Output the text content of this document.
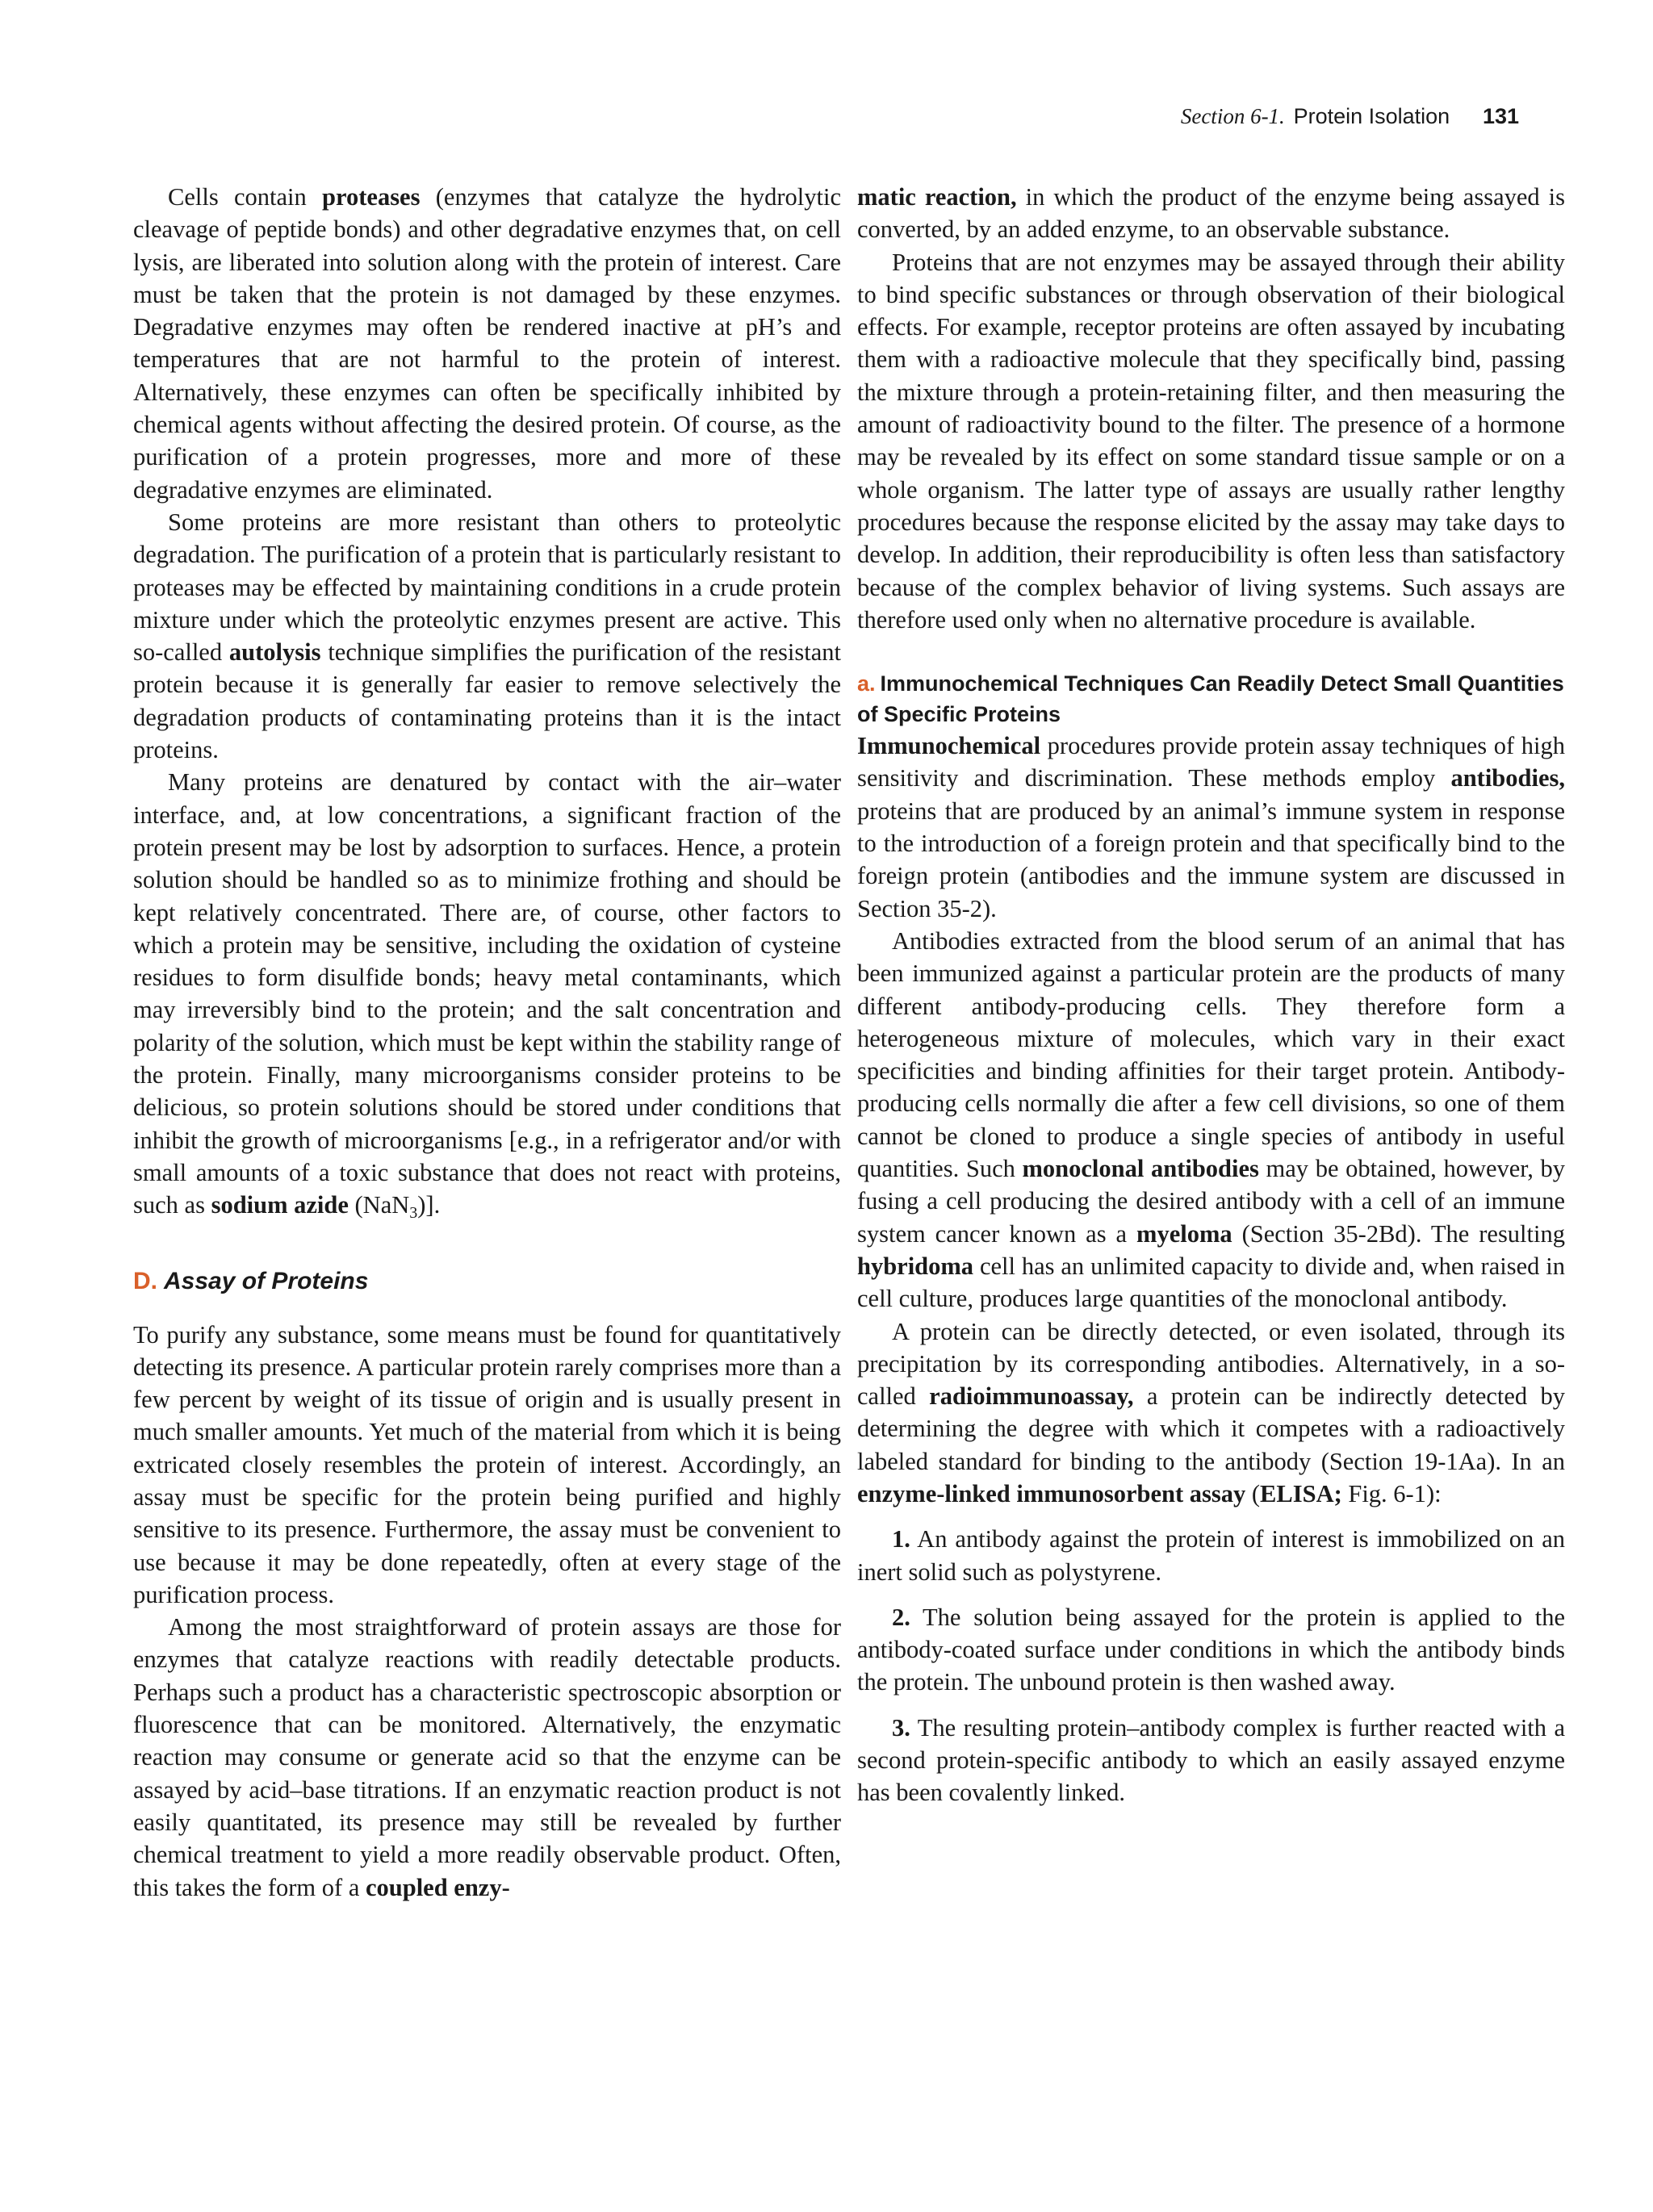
Section 6-1. Protein Isolation 131

Cells contain proteases (enzymes that catalyze the hydrolytic cleavage of peptide bonds) and other degradative enzymes that, on cell lysis, are liberated into solution along with the protein of interest. Care must be taken that the protein is not damaged by these enzymes. Degradative enzymes may often be rendered inactive at pH’s and temperatures that are not harmful to the protein of interest. Alternatively, these enzymes can often be specifically inhibited by chemical agents without affecting the desired protein. Of course, as the purification of a protein progresses, more and more of these degradative enzymes are eliminated.

Some proteins are more resistant than others to proteolytic degradation. The purification of a protein that is particularly resistant to proteases may be effected by maintaining conditions in a crude protein mixture under which the proteolytic enzymes present are active. This so-called autolysis technique simplifies the purification of the resistant protein because it is generally far easier to remove selectively the degradation products of contaminating proteins than it is the intact proteins.

Many proteins are denatured by contact with the air–water interface, and, at low concentrations, a significant fraction of the protein present may be lost by adsorption to surfaces. Hence, a protein solution should be handled so as to minimize frothing and should be kept relatively concentrated. There are, of course, other factors to which a protein may be sensitive, including the oxidation of cysteine residues to form disulfide bonds; heavy metal contaminants, which may irreversibly bind to the protein; and the salt concentration and polarity of the solution, which must be kept within the stability range of the protein. Finally, many microorganisms consider proteins to be delicious, so protein solutions should be stored under conditions that inhibit the growth of microorganisms [e.g., in a refrigerator and/or with small amounts of a toxic substance that does not react with proteins, such as sodium azide (NaN$_3$)].

D. Assay of Proteins

To purify any substance, some means must be found for quantitatively detecting its presence. A particular protein rarely comprises more than a few percent by weight of its tissue of origin and is usually present in much smaller amounts. Yet much of the material from which it is being extricated closely resembles the protein of interest. Accordingly, an assay must be specific for the protein being purified and highly sensitive to its presence. Furthermore, the assay must be convenient to use because it may be done repeatedly, often at every stage of the purification process.

Among the most straightforward of protein assays are those for enzymes that catalyze reactions with readily detectable products. Perhaps such a product has a characteristic spectroscopic absorption or fluorescence that can be monitored. Alternatively, the enzymatic reaction may consume or generate acid so that the enzyme can be assayed by acid–base titrations. If an enzymatic reaction product is not easily quantitated, its presence may still be revealed by further chemical treatment to yield a more readily observable product. Often, this takes the form of a coupled enzy-

matic reaction, in which the product of the enzyme being assayed is converted, by an added enzyme, to an observable substance.

Proteins that are not enzymes may be assayed through their ability to bind specific substances or through observation of their biological effects. For example, receptor proteins are often assayed by incubating them with a radioactive molecule that they specifically bind, passing the mixture through a protein-retaining filter, and then measuring the amount of radioactivity bound to the filter. The presence of a hormone may be revealed by its effect on some standard tissue sample or on a whole organism. The latter type of assays are usually rather lengthy procedures because the response elicited by the assay may take days to develop. In addition, their reproducibility is often less than satisfactory because of the complex behavior of living systems. Such assays are therefore used only when no alternative procedure is available.

a. Immunochemical Techniques Can Readily Detect Small Quantities of Specific Proteins

Immunochemical procedures provide protein assay techniques of high sensitivity and discrimination. These methods employ antibodies, proteins that are produced by an animal’s immune system in response to the introduction of a foreign protein and that specifically bind to the foreign protein (antibodies and the immune system are discussed in Section 35-2).

Antibodies extracted from the blood serum of an animal that has been immunized against a particular protein are the products of many different antibody-producing cells. They therefore form a heterogeneous mixture of molecules, which vary in their exact specificities and binding affinities for their target protein. Antibody-producing cells normally die after a few cell divisions, so one of them cannot be cloned to produce a single species of antibody in useful quantities. Such monoclonal antibodies may be obtained, however, by fusing a cell producing the desired antibody with a cell of an immune system cancer known as a myeloma (Section 35-2Bd). The resulting hybridoma cell has an unlimited capacity to divide and, when raised in cell culture, produces large quantities of the monoclonal antibody.

A protein can be directly detected, or even isolated, through its precipitation by its corresponding antibodies. Alternatively, in a so-called radioimmunoassay, a protein can be indirectly detected by determining the degree with which it competes with a radioactively labeled standard for binding to the antibody (Section 19-1Aa). In an enzyme-linked immunosorbent assay (ELISA; Fig. 6-1):

1. An antibody against the protein of interest is immobilized on an inert solid such as polystyrene.

2. The solution being assayed for the protein is applied to the antibody-coated surface under conditions in which the antibody binds the protein. The unbound protein is then washed away.

3. The resulting protein–antibody complex is further reacted with a second protein-specific antibody to which an easily assayed enzyme has been covalently linked.
